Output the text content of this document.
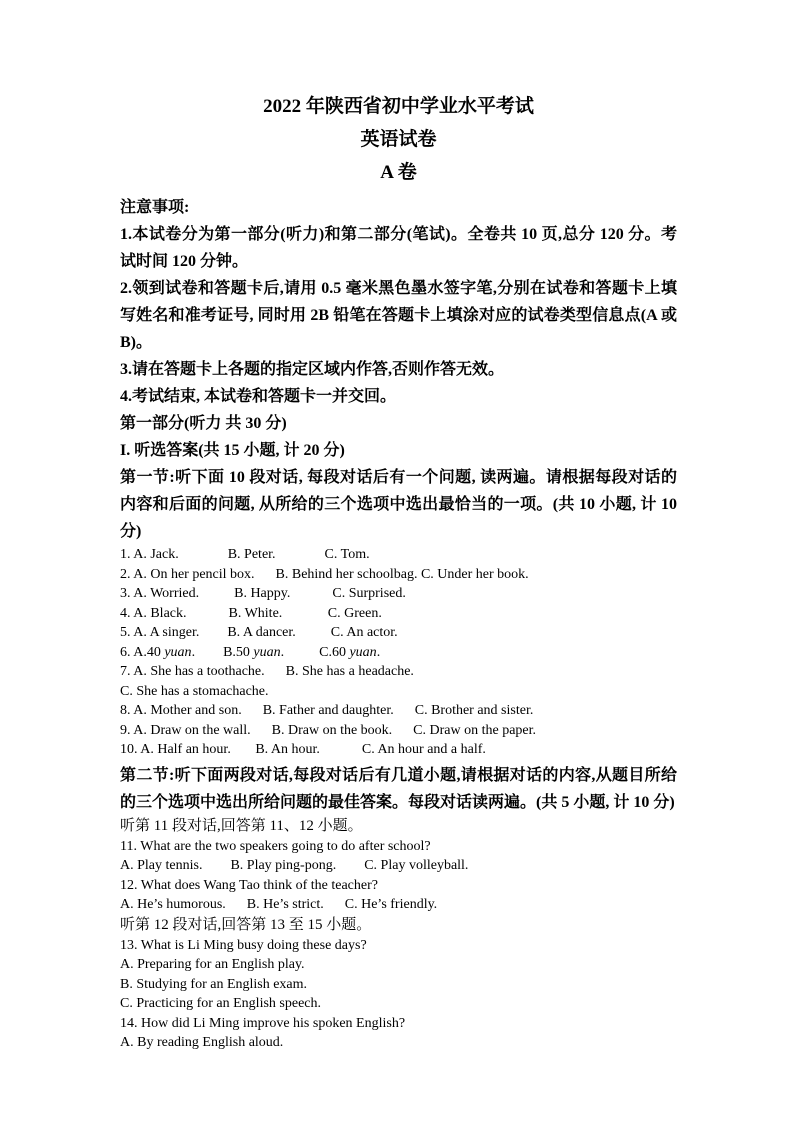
2022 年陕西省初中学业水平考试

英语试卷

A 卷

注意事项:

1.本试卷分为第一部分(听力)和第二部分(笔试)。全卷共 10 页,总分 120 分。考试时间 120 分钟。

2.领到试卷和答题卡后,请用 0.5 毫米黑色墨水签字笔,分别在试卷和答题卡上填写姓名和准考证号, 同时用 2B 铅笔在答题卡上填涂对应的试卷类型信息点(A 或 B)。

3.请在答题卡上各题的指定区域内作答,否则作答无效。

4.考试结束, 本试卷和答题卡一并交回。

第一部分(听力 共 30 分)

I. 听选答案(共 15 小题, 计 20 分)

第一节:听下面 10 段对话, 每段对话后有一个问题, 读两遍。请根据每段对话的内容和后面的问题, 从所给的三个选项中选出最恰当的一项。(共 10 小题, 计 10 分)

1. A. Jack.              B. Peter.              C. Tom.

2. A. On her pencil box.      B. Behind her schoolbag. C. Under her book.

3. A. Worried.          B. Happy.            C. Surprised.

4. A. Black.            B. White.             C. Green.

5. A. A singer.        B. A dancer.          C. An actor.

6. A.40 yuan.        B.50 yuan.          C.60 yuan.

7. A. She has a toothache.      B. She has a headache.

C. She has a stomachache.

8. A. Mother and son.      B. Father and daughter.      C. Brother and sister.

9. A. Draw on the wall.      B. Draw on the book.      C. Draw on the paper.

10. A. Half an hour.       B. An hour.            C. An hour and a half.

第二节:听下面两段对话,每段对话后有几道小题,请根据对话的内容,从题目所给的三个选项中选出所给问题的最佳答案。每段对话读两遍。(共 5 小题, 计 10 分)

听第 11 段对话,回答第 11、12 小题。

11. What are the two speakers going to do after school?

A. Play tennis.        B. Play ping-pong.        C. Play volleyball.

12. What does Wang Tao think of the teacher?

A. He’s humorous.      B. He’s strict.      C. He’s friendly.

听第 12 段对话,回答第 13 至 15 小题。

13. What is Li Ming busy doing these days?

A. Preparing for an English play.

B. Studying for an English exam.

C. Practicing for an English speech.

14. How did Li Ming improve his spoken English?

A. By reading English aloud.
